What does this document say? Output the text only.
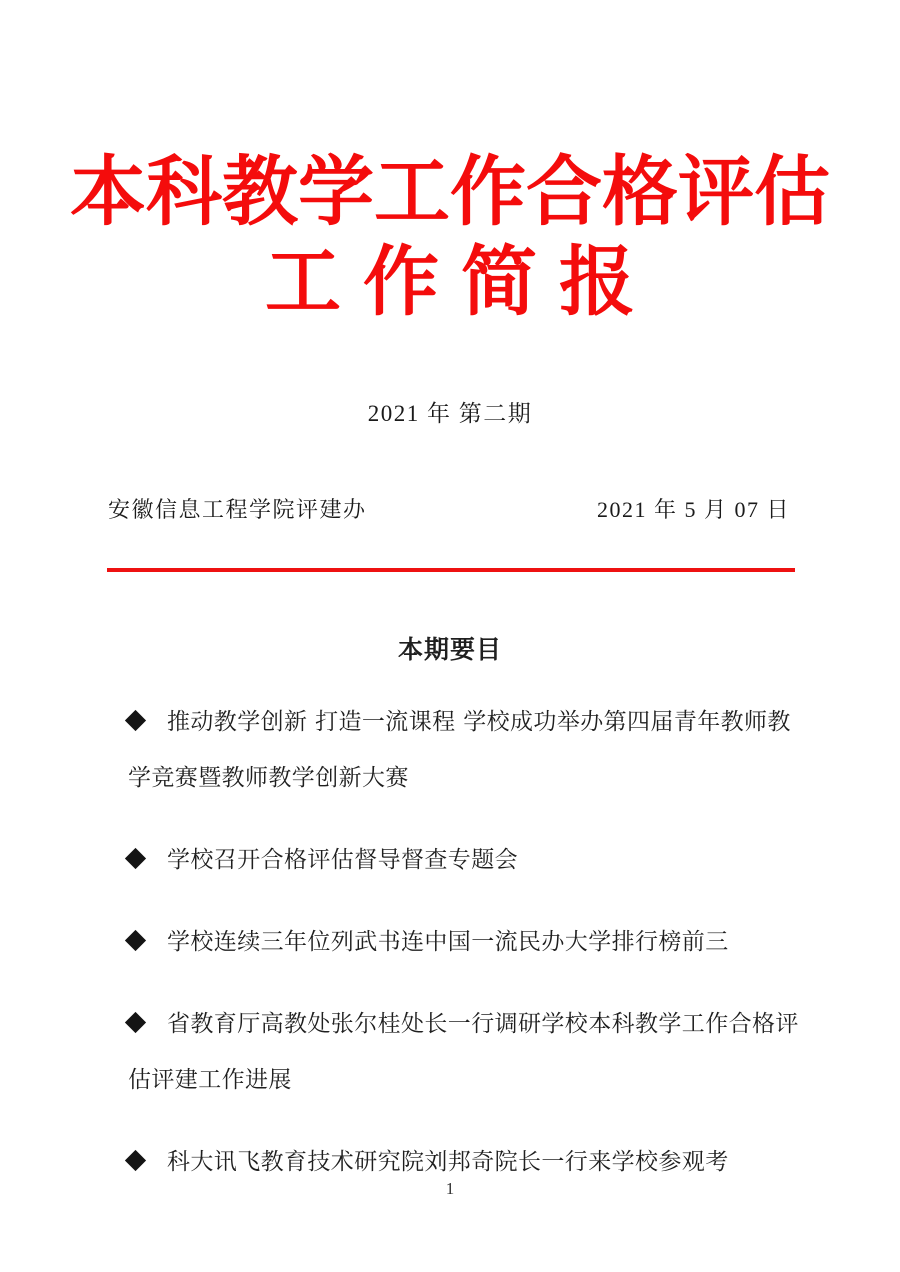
本科教学工作合格评估
工作简报
2021 年 第二期
安徽信息工程学院评建办	2021 年 5 月 07 日
本期要目
推动教学创新 打造一流课程 学校成功举办第四届青年教师教学竞赛暨教师教学创新大赛
学校召开合格评估督导督查专题会
学校连续三年位列武书连中国一流民办大学排行榜前三
省教育厅高教处张尔桂处长一行调研学校本科教学工作合格评估评建工作进展
科大讯飞教育技术研究院刘邦奇院长一行来学校参观考
1
